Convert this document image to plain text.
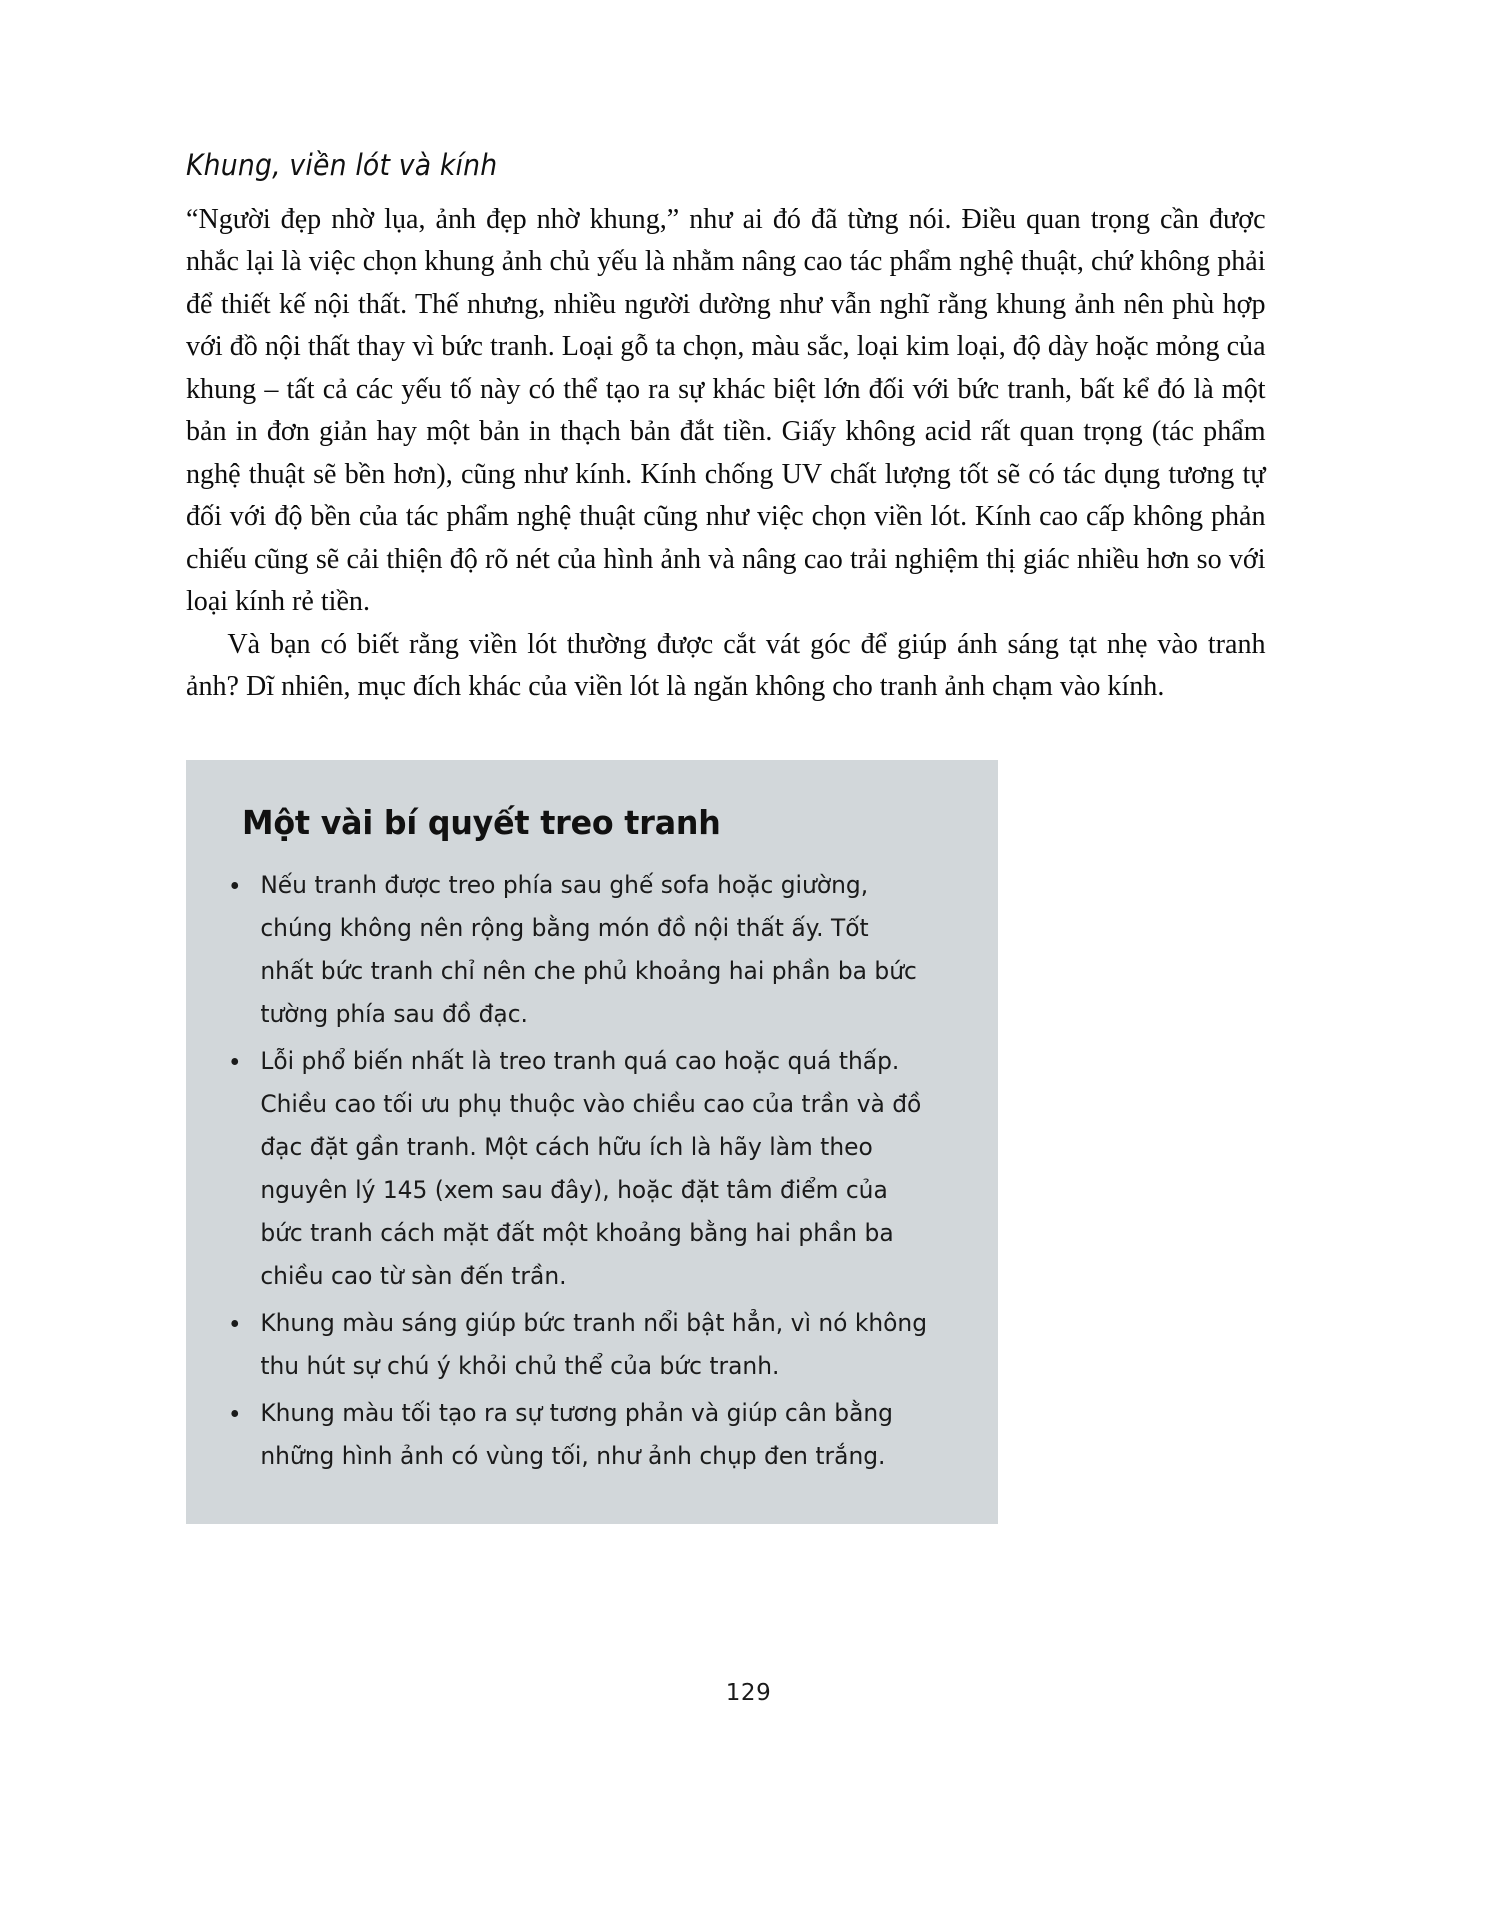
Khung, viền lót và kính

“Người đẹp nhờ lụa, ảnh đẹp nhờ khung,” như ai đó đã từng nói. Điều quan trọng cần được nhắc lại là việc chọn khung ảnh chủ yếu là nhằm nâng cao tác phẩm nghệ thuật, chứ không phải để thiết kế nội thất. Thế nhưng, nhiều người dường như vẫn nghĩ rằng khung ảnh nên phù hợp với đồ nội thất thay vì bức tranh. Loại gỗ ta chọn, màu sắc, loại kim loại, độ dày hoặc mỏng của khung – tất cả các yếu tố này có thể tạo ra sự khác biệt lớn đối với bức tranh, bất kể đó là một bản in đơn giản hay một bản in thạch bản đắt tiền. Giấy không acid rất quan trọng (tác phẩm nghệ thuật sẽ bền hơn), cũng như kính. Kính chống UV chất lượng tốt sẽ có tác dụng tương tự đối với độ bền của tác phẩm nghệ thuật cũng như việc chọn viền lót. Kính cao cấp không phản chiếu cũng sẽ cải thiện độ rõ nét của hình ảnh và nâng cao trải nghiệm thị giác nhiều hơn so với loại kính rẻ tiền.

Và bạn có biết rằng viền lót thường được cắt vát góc để giúp ánh sáng tạt nhẹ vào tranh ảnh? Dĩ nhiên, mục đích khác của viền lót là ngăn không cho tranh ảnh chạm vào kính.

Một vài bí quyết treo tranh
Nếu tranh được treo phía sau ghế sofa hoặc giường, chúng không nên rộng bằng món đồ nội thất ấy. Tốt nhất bức tranh chỉ nên che phủ khoảng hai phần ba bức tường phía sau đồ đạc.
Lỗi phổ biến nhất là treo tranh quá cao hoặc quá thấp. Chiều cao tối ưu phụ thuộc vào chiều cao của trần và đồ đạc đặt gần tranh. Một cách hữu ích là hãy làm theo nguyên lý 145 (xem sau đây), hoặc đặt tâm điểm của bức tranh cách mặt đất một khoảng bằng hai phần ba chiều cao từ sàn đến trần.
Khung màu sáng giúp bức tranh nổi bật hẳn, vì nó không thu hút sự chú ý khỏi chủ thể của bức tranh.
Khung màu tối tạo ra sự tương phản và giúp cân bằng những hình ảnh có vùng tối, như ảnh chụp đen trắng.
129
